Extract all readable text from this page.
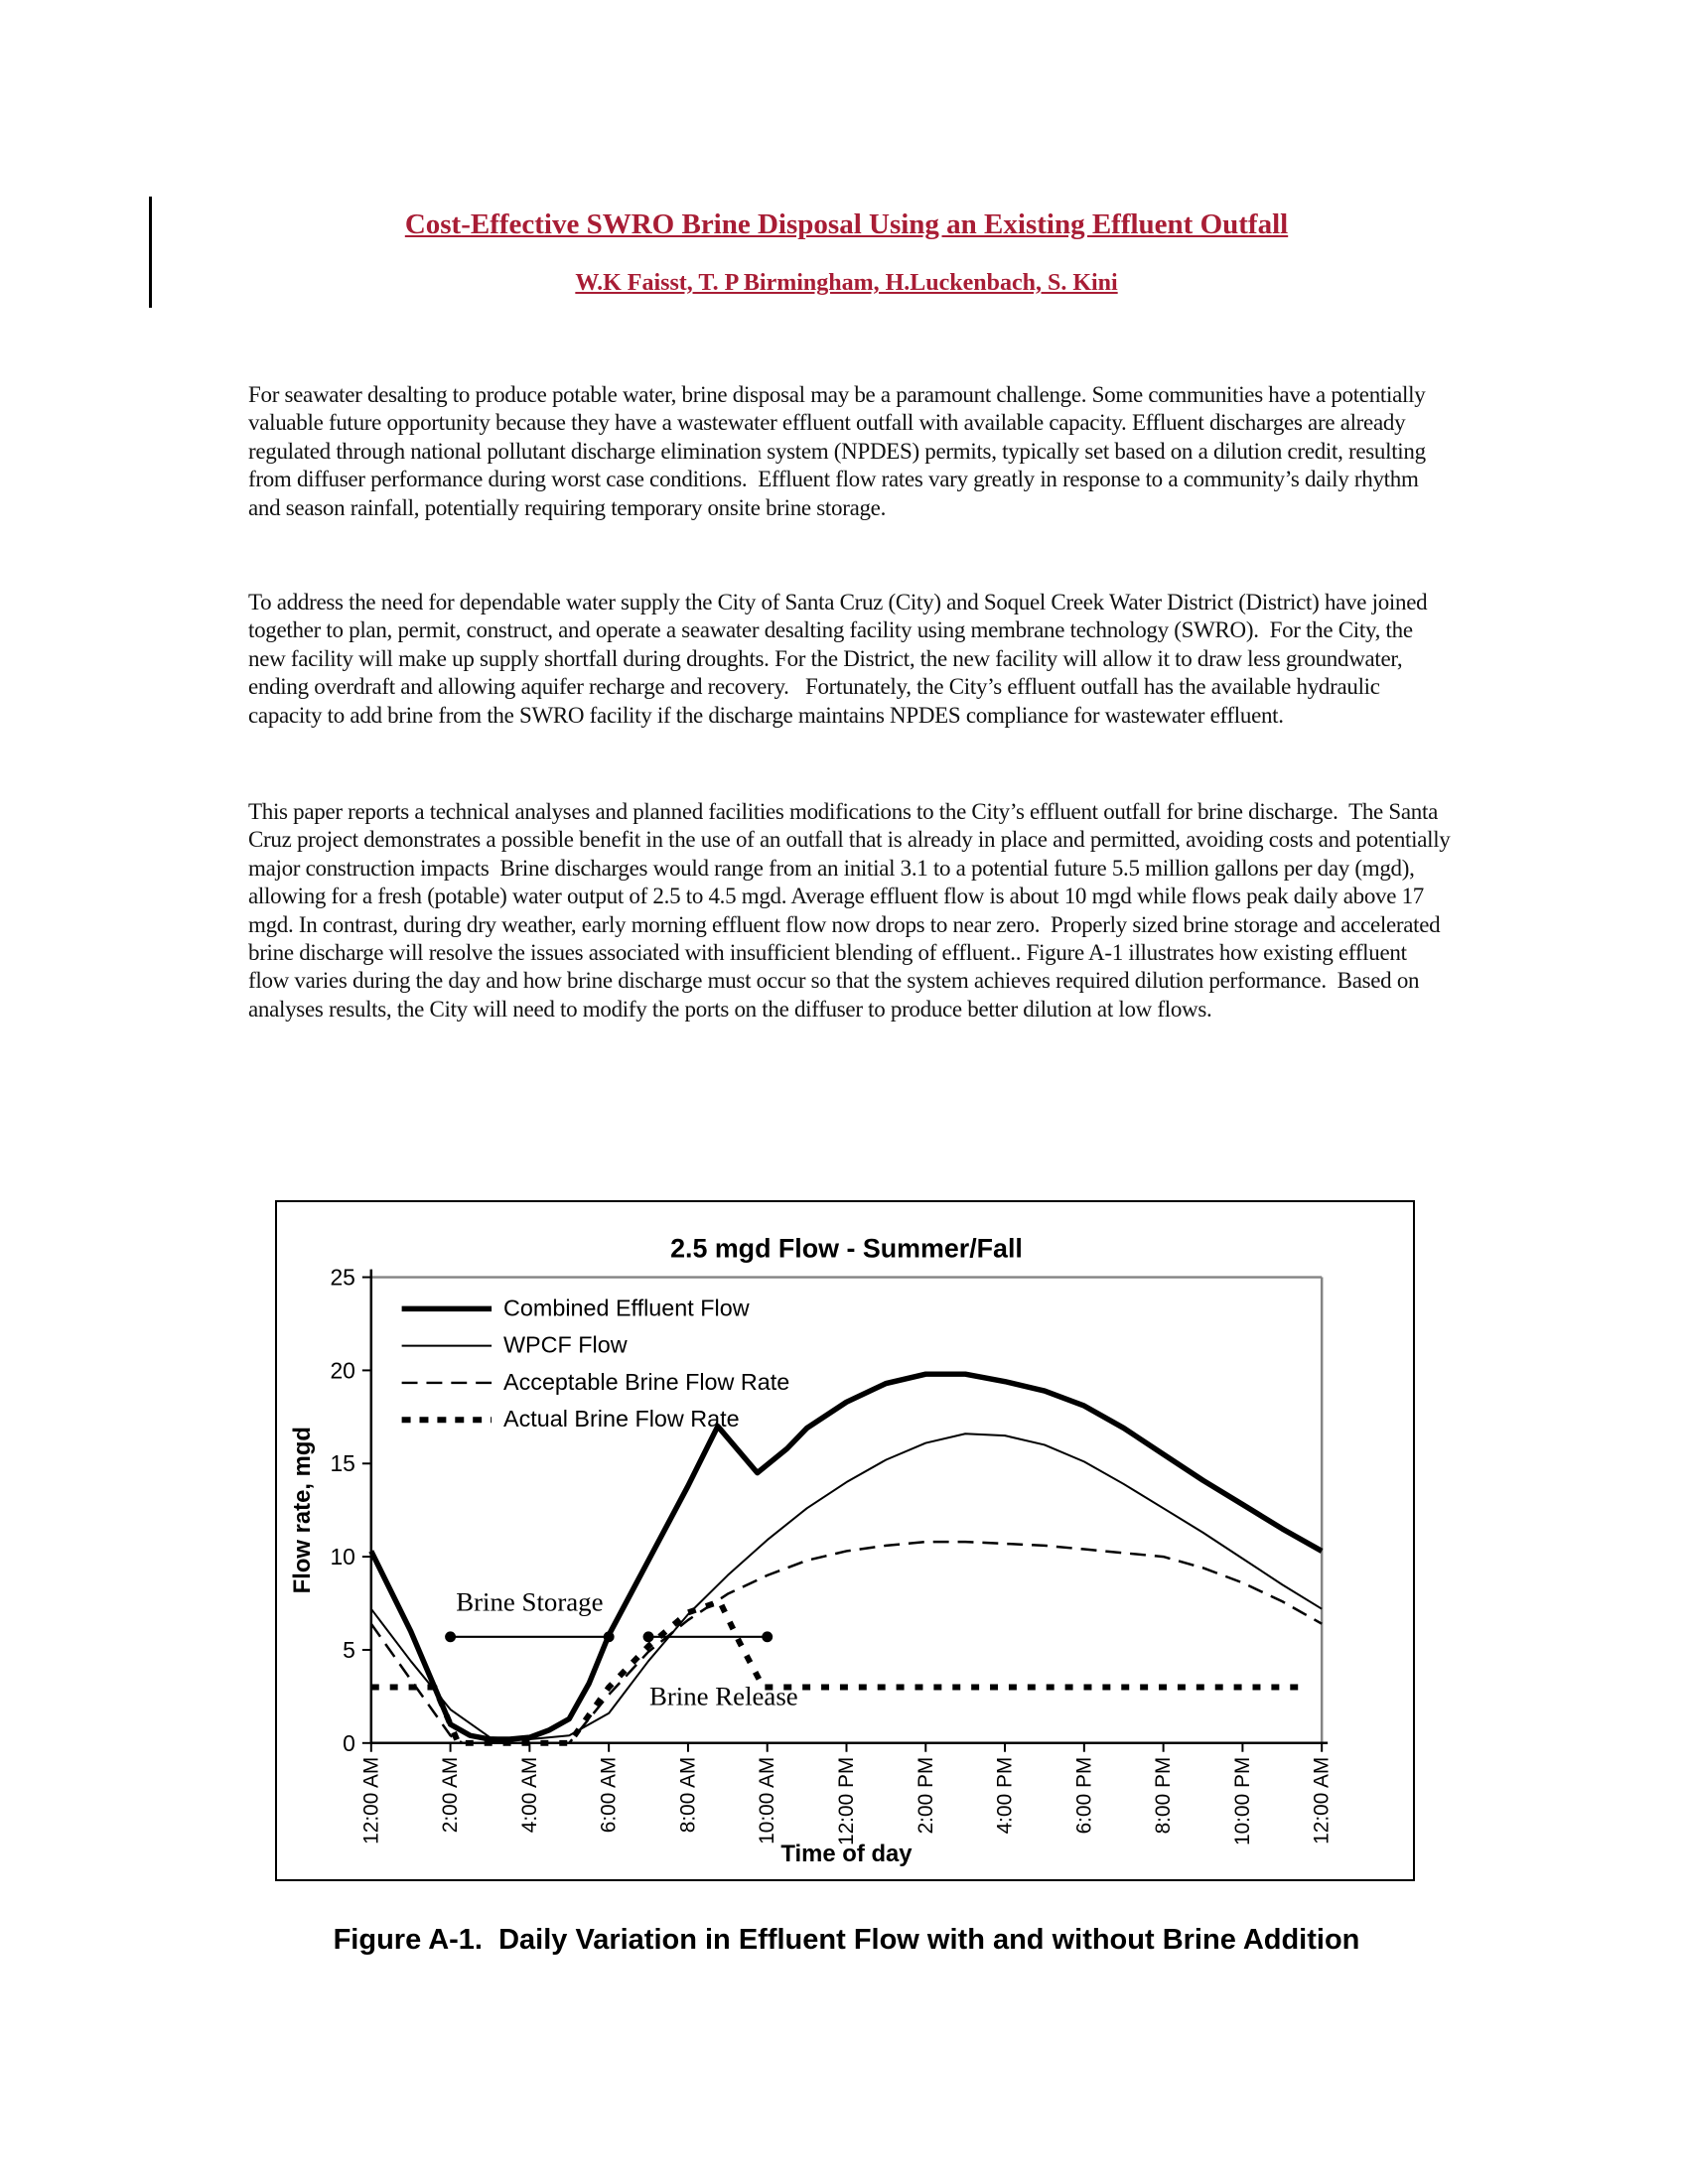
Cost-Effective SWRO Brine Disposal Using an Existing Effluent Outfall
W.K Faisst, T. P Birmingham, H.Luckenbach, S. Kini
For seawater desalting to produce potable water, brine disposal may be a paramount challenge. Some communities have a potentially valuable future opportunity because they have a wastewater effluent outfall with available capacity. Effluent discharges are already regulated through national pollutant discharge elimination system (NPDES) permits, typically set based on a dilution credit, resulting from diffuser performance during worst case conditions.  Effluent flow rates vary greatly in response to a community’s daily rhythm and season rainfall, potentially requiring temporary onsite brine storage.
To address the need for dependable water supply the City of Santa Cruz (City) and Soquel Creek Water District (District) have joined together to plan, permit, construct, and operate a seawater desalting facility using membrane technology (SWRO).  For the City, the new facility will make up supply shortfall during droughts. For the District, the new facility will allow it to draw less groundwater, ending overdraft and allowing aquifer recharge and recovery.   Fortunately, the City’s effluent outfall has the available hydraulic capacity to add brine from the SWRO facility if the discharge maintains NPDES compliance for wastewater effluent.
This paper reports a technical analyses and planned facilities modifications to the City’s effluent outfall for brine discharge.  The Santa Cruz project demonstrates a possible benefit in the use of an outfall that is already in place and permitted, avoiding costs and potentially major construction impacts  Brine discharges would range from an initial 3.1 to a potential future 5.5 million gallons per day (mgd), allowing for a fresh (potable) water output of 2.5 to 4.5 mgd. Average effluent flow is about 10 mgd while flows peak daily above 17 mgd. In contrast, during dry weather, early morning effluent flow now drops to near zero.  Properly sized brine storage and accelerated brine discharge will resolve the issues associated with insufficient blending of effluent.. Figure A-1 illustrates how existing effluent flow varies during the day and how brine discharge must occur so that the system achieves required dilution performance.  Based on analyses results, the City will need to modify the ports on the diffuser to produce better dilution at low flows.
2.5 mgd Flow - Summer/Fall
25
20
15
10
5
0
12:00 AM	2:00 AM	4:00 AM	6:00 AM	8:00 AM	10:00 AM	12:00 PM	2:00 PM	4:00 PM	6:00 PM	8:00 PM	10:00 PM	12:00 AM
Flow rate, mgd
Time of day
Combined Effluent Flow
WPCF Flow
Acceptable Brine Flow Rate
Actual Brine Flow Rate
Brine Storage
Brine Release
Figure A-1.  Daily Variation in Effluent Flow with and without Brine Addition
